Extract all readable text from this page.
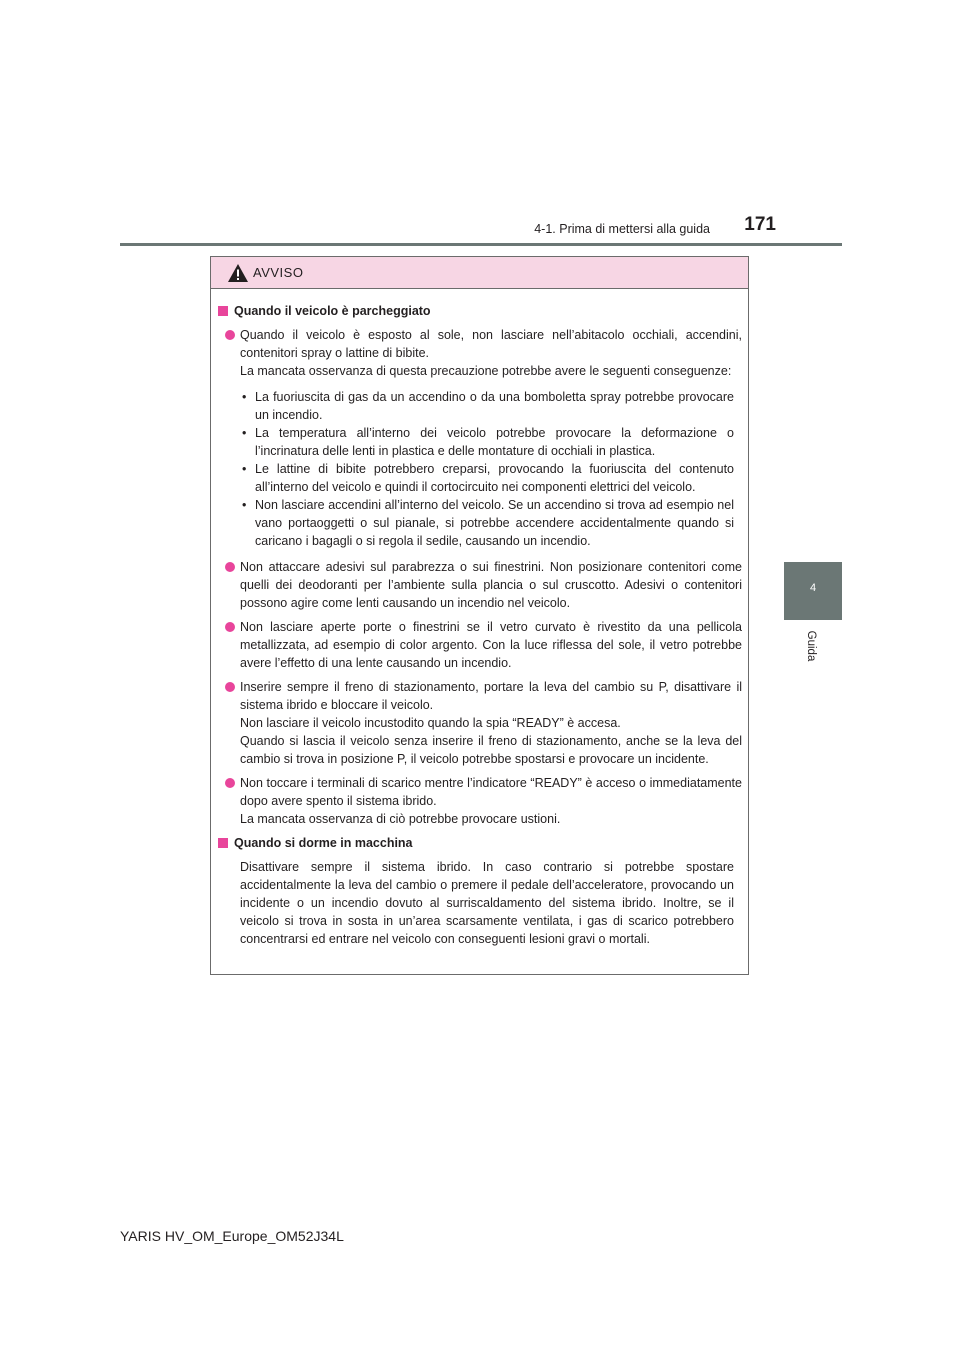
4-1. Prima di mettersi alla guida	171
4
Guida
AVVISO
Quando il veicolo è parcheggiato

Quando il veicolo è esposto al sole, non lasciare nell’abitacolo occhiali, accendini, contenitori spray o lattine di bibite.

La mancata osservanza di questa precauzione potrebbe avere le seguenti conseguenze:

• La fuoriuscita di gas da un accendino o da una bomboletta spray potrebbe provocare un incendio.
• La temperatura all’interno dei veicolo potrebbe provocare la deformazione o l’incrinatura delle lenti in plastica e delle montature di occhiali in plastica.
• Le lattine di bibite potrebbero creparsi, provocando la fuoriuscita del contenuto all’interno del veicolo e quindi il cortocircuito nei componenti elettrici del veicolo.
• Non lasciare accendini all’interno del veicolo. Se un accendino si trova ad esempio nel vano portaoggetti o sul pianale, si potrebbe accendere accidentalmente quando si caricano i bagagli o si regola il sedile, causando un incendio.

Non attaccare adesivi sul parabrezza o sui finestrini. Non posizionare contenitori come quelli dei deodoranti per l’ambiente sulla plancia o sul cruscotto. Adesivi o contenitori possono agire come lenti causando un incendio nel veicolo.

Non lasciare aperte porte o finestrini se il vetro curvato è rivestito da una pellicola metallizzata, ad esempio di color argento. Con la luce riflessa del sole, il vetro potrebbe avere l’effetto di una lente causando un incendio.

Inserire sempre il freno di stazionamento, portare la leva del cambio su P, disattivare il sistema ibrido e bloccare il veicolo.

Non lasciare il veicolo incustodito quando la spia “READY” è accesa.

Quando si lascia il veicolo senza inserire il freno di stazionamento, anche se la leva del cambio si trova in posizione P, il veicolo potrebbe spostarsi e provocare un incidente.

Non toccare i terminali di scarico mentre l’indicatore “READY” è acceso o immediatamente dopo avere spento il sistema ibrido.

La mancata osservanza di ciò potrebbe provocare ustioni.

Quando si dorme in macchina

Disattivare sempre il sistema ibrido. In caso contrario si potrebbe spostare accidentalmente la leva del cambio o premere il pedale dell’acceleratore, provocando un incidente o un incendio dovuto al surriscaldamento del sistema ibrido. Inoltre, se il veicolo si trova in sosta in un’area scarsamente ventilata, i gas di scarico potrebbero concentrarsi ed entrare nel veicolo con conseguenti lesioni gravi o mortali.

YARIS HV_OM_Europe_OM52J34L
